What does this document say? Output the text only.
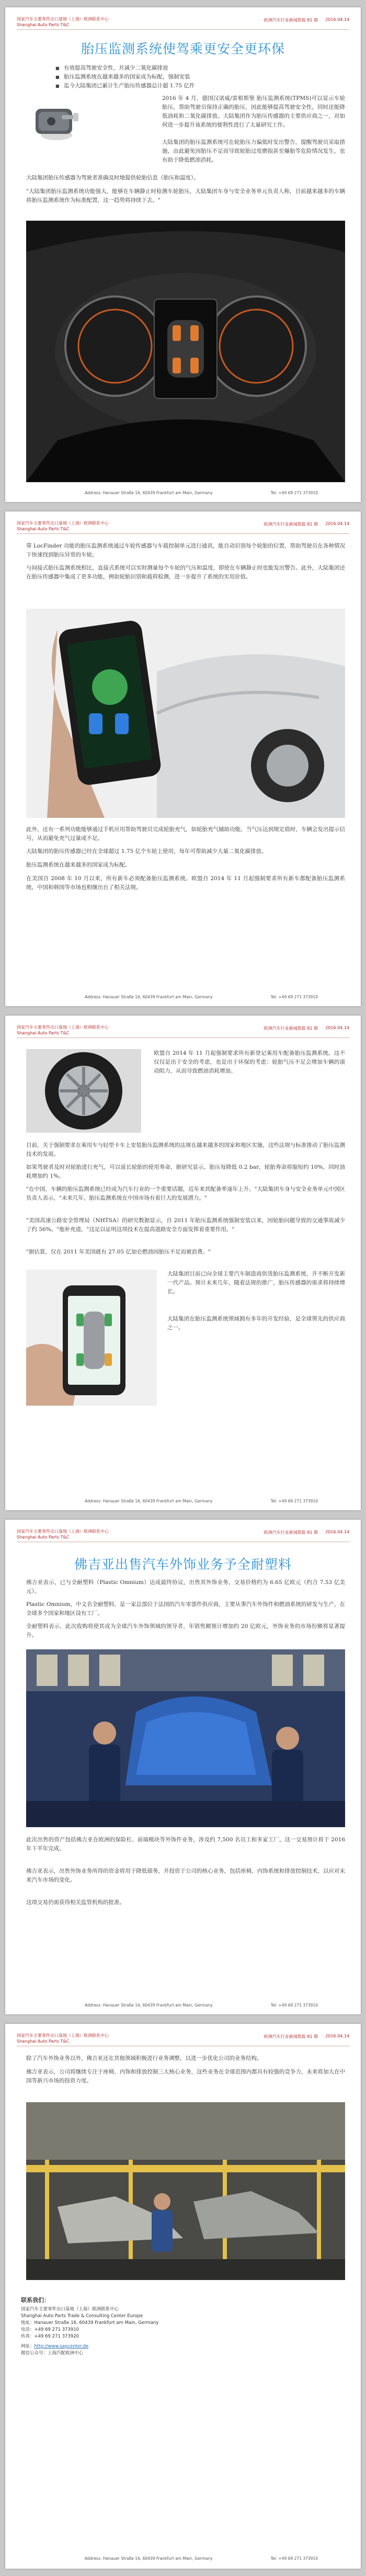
国家汽车主要零件出口基地（上海）欧洲联系中心
Shanghai Auto Parts T&C
欧洲汽车行业新闻简报 81 期 2016.04.14
胎压监测系统使驾乘更安全更环保
■ 有效提高驾驶安全性，并减少二氧化碳排放
■ 胎压监测系统在越来越多的国家成为标配，强制安装
■ 迄今大陆集团已累计生产胎压传感器总计超 1.75 亿件

2016 年 4 月，德国汉诺威/雷根斯堡 胎压监测系统(TPMS)可以显示车轮胎压，帮助驾驶员保持正确的胎压，因此能够提高驾驶安全性，同时还能降低油耗和二氧化碳排放。大陆集团作为胎压传感器的主要供应商之一，对如何进一步提升该系统的便利性进行了大量研究工作。

大陆集团的胎压监测系统可在轮胎压力偏低时发出警告，提醒驾驶员采取措施，由此避免因胎压不足而导致轮胎过度磨损甚至爆胎等危险情况发生，也有助于降低燃油消耗。

大陆集团胎压传感器为驾驶者准确及时地提供轮胎信息（胎压和温度）。

"大陆集团胎压监测系统功能强大，能够在车辆静止时检测车轮胎压，大陆集团车身与安全业务单元负责人称，目前越来越多的车辆将胎压监测系统作为标准配置，这一趋势将持续下去。"

Address: Hanauer Straße 16, 60439 Frankfurt am Main, Germany	Tel: +49 69 271 373910
国家汽车主要零件出口基地（上海）欧洲联系中心
Shanghai Auto Parts T&C
欧洲汽车行业新闻简报 81 期 2016.04.14

带 LocFinder 功能的胎压监测系统通过车轮传感器与车载控制单元进行通讯，能自动识别每个轮胎的位置，帮助驾驶员在各种情况下快速找到胎压异常的车轮。

与间接式胎压监测系统相比，直接式系统可以实时测量每个车轮的气压和温度，即使在车辆静止时也能发出警告。此外，大陆集团还在胎压传感器中集成了更多功能，例如轮胎识别和载荷检测，进一步提升了系统的实用价值。

此外，还有一系列功能能够通过手机应用帮助驾驶员完成轮胎充气，如轮胎充气辅助功能，当气压达到规定值时，车辆会发出提示信号，从而避免充气过量或不足。

大陆集团的胎压传感器已经在全球超过 1.75 亿个车轮上使用，每年可帮助减少大量二氧化碳排放。

胎压监测系统在越来越多的国家成为标配。

在美国自 2008 年 10 月以来，所有新车必须配备胎压监测系统。欧盟自 2014 年 11 月起强制要求所有新车都配备胎压监测系统，中国和韩国等市场也相继出台了相关法规。

Address: Hanauer Straße 16, 60439 Frankfurt am Main, Germany	Tel: +49 69 271 373910
国家汽车主要零件出口基地（上海）欧洲联系中心
Shanghai Auto Parts T&C
欧洲汽车行业新闻简报 81 期 2016.04.14

欧盟自 2014 年 11 月起强制要求所有新登记乘用车配备胎压监测系统。这不仅仅是出于安全的考虑，也是出于环保的考虑：轮胎气压不足会增加车辆的滚动阻力，从而导致燃油消耗增加。

目前，关于强制要求在乘用车与轻型卡车上安装胎压监测系统的法规在越来越多的国家和地区实施，这些法规与标准推动了胎压监测技术的发展。

如果驾驶者及时对轮胎进行充气，可以延长轮胎的使用寿命，据研究显示，胎压每降低 0.2 bar，轮胎寿命将缩短约 10%，同时油耗增加约 1%。

"在中国，车辆的胎压监测系统已经成为汽车行业的一个重要话题，近年来其配备率逐年上升。"大陆集团车身与安全业务单元中国区负责人表示，"未来几年，胎压监测系统在中国市场有着巨大的发展潜力。"

"美国高速公路安全管理局（NHTSA）的研究数据显示，自 2011 年胎压监测系统强制安装以来，因轮胎问题导致的交通事故减少了约 56%。"他补充道，"这足以证明这项技术在提高道路安全方面发挥着重要作用。"

"据估算，仅在 2011 年美国就有 27.05 亿加仑燃油因胎压不足而被浪费。"

大陆集团目前已向全球主要汽车制造商供货胎压监测系统，并不断开发新一代产品。预计未来几年，随着法规的推广，胎压传感器的需求将持续增长。

大陆集团在胎压监测系统领域拥有多年的开发经验，是全球领先的供应商之一。

Address: Hanauer Straße 16, 60439 Frankfurt am Main, Germany	Tel: +49 69 271 373910
国家汽车主要零件出口基地（上海）欧洲联系中心
Shanghai Auto Parts T&C
欧洲汽车行业新闻简报 81 期 2016.04.14
佛吉亚出售汽车外饰业务予全耐塑料

佛吉亚表示，已与全耐塑料（Plastic Omnium）达成最终协议，出售其外饰业务，交易价格约为 6.65 亿欧元（约合 7.53 亿美元）。

Plastic Omnium，中文名全耐塑料，是一家总部位于法国的汽车零部件供应商，主要从事汽车外饰件和燃油系统的研发与生产，在全球多个国家和地区设有工厂。

全耐塑料表示，此次收购将使其成为全球汽车外饰领域的领导者，年销售额预计增加约 20 亿欧元，外饰业务的市场份额将显著提升。

此次出售的资产包括佛吉亚在欧洲的保险杠、前端模块等外饰件业务，涉及约 7,500 名员工和多家工厂，这一交易预计将于 2016 年下半年完成。

佛吉亚表示，出售外饰业务所得的资金将用于降低债务，并投资于公司的核心业务，包括座椅、内饰系统和排放控制技术，以应对未来汽车市场的变化。

这项交易仍需获得相关监管机构的批准。

Address: Hanauer Straße 16, 60439 Frankfurt am Main, Germany	Tel: +49 69 271 373910
国家汽车主要零件出口基地（上海）欧洲联系中心
Shanghai Auto Parts T&C
欧洲汽车行业新闻简报 81 期 2016.04.14

除了汽车外饰业务以外，佛吉亚还在其他领域积极进行业务调整，以进一步优化公司的业务结构。

佛吉亚表示，公司将继续专注于座椅、内饰和排放控制三大核心业务，这些业务在全球范围内都具有较强的竞争力，未来将加大在中国等新兴市场的投资力度。

联系我们：
国家汽车主要零件出口基地（上海）欧洲联系中心
Shanghai Auto Parts Trade & Consulting Center Europe
地址：Hanauer Straße 16, 60439 Frankfurt am Main, Germany
电话：+49 69 271 373910
传真：+49 69 271 373920
网址：http://www.sapcenter.de
微信公众号：上海汽配欧洲中心
Address: Hanauer Straße 16, 60439 Frankfurt am Main, Germany	Tel: +49 69 271 373910
